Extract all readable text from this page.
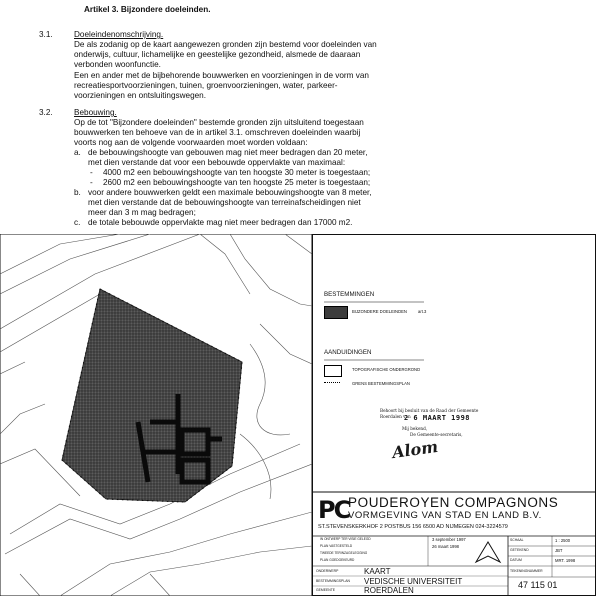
Artikel 3. Bijzondere doeleinden.
3.1.	Doeleindenomschrijving.
De als zodanig op de kaart aangewezen gronden zijn bestemd voor doeleinden van
onderwijs, cultuur, lichamelijke en geestelijke gezondheid, alsmede de daaraan
verbonden woonfunctie.
Een en ander met de bijbehorende bouwwerken en voorzieningen in de vorm van
recreatiesportvoorzieningen, tuinen, groenvoorzieningen, water, parkeer-
voorzieningen en ontsluitingswegen.
3.2.	Bebouwing.
Op de tot "Bijzondere doeleinden" bestemde gronden zijn uitsluitend toegestaan
bouwwerken ten behoeve van de in artikel 3.1. omschreven doeleinden waarbij
voorts nog aan de volgende voorwaarden moet worden voldaan:
a. de bebouwingshoogte van gebouwen mag niet meer bedragen dan 20 meter,
met dien verstande dat voor een bebouwde oppervlakte van maximaal:
- 4000 m2 een bebouwingshoogte van ten hoogste 30 meter is toegestaan;
- 2600 m2 een bebouwingshoogte van ten hoogste 25 meter is toegestaan;
b. voor andere bouwwerken geldt een maximale bebouwingshoogte van 8 meter,
met dien verstande dat de bebouwingshoogte van terreinafscheidingen niet
meer dan 3 m mag bedragen;
c. de totale bebouwde oppervlakte mag niet meer bedragen dan 17000 m2.
BESTEMMINGEN
BIJZONDERE DOELEINDEN	art.3
AANDUIDINGEN
TOPOGRAFISCHE ONDERGROND
GRENS BESTEMMINGSPLAN
Behoort bij besluit van de Raad der Gemeente
Roerdalen van
2 6 MAART 1998
Mij bekend,
De Gemeente-secretaris,
Alom
PC
POUDEROYEN COMPAGNONS
VORMGEVING VAN STAD EN LAND B.V.
ST.STEVENSKERKHOF 2 POSTBUS 156 6500 AD NIJMEGEN 024-3224579
IN ONTWERP TER VISIE GELEGD	3 september 1997
PLAN VASTGESTELD	26 maart 1998
TWEEDE TERINZAGELEGGING
PLAN GOEDGEKEURD
ONDERWERP	KAART
BESTEMMINGSPLAN VEDISCHE UNIVERSITEIT
GEMEENTE	ROERDALEN
SCHAAL	1 : 2500
GETEKEND	JBT
DATUM	MRT. 1998
TEKENINGNUMMER
47 115 01
